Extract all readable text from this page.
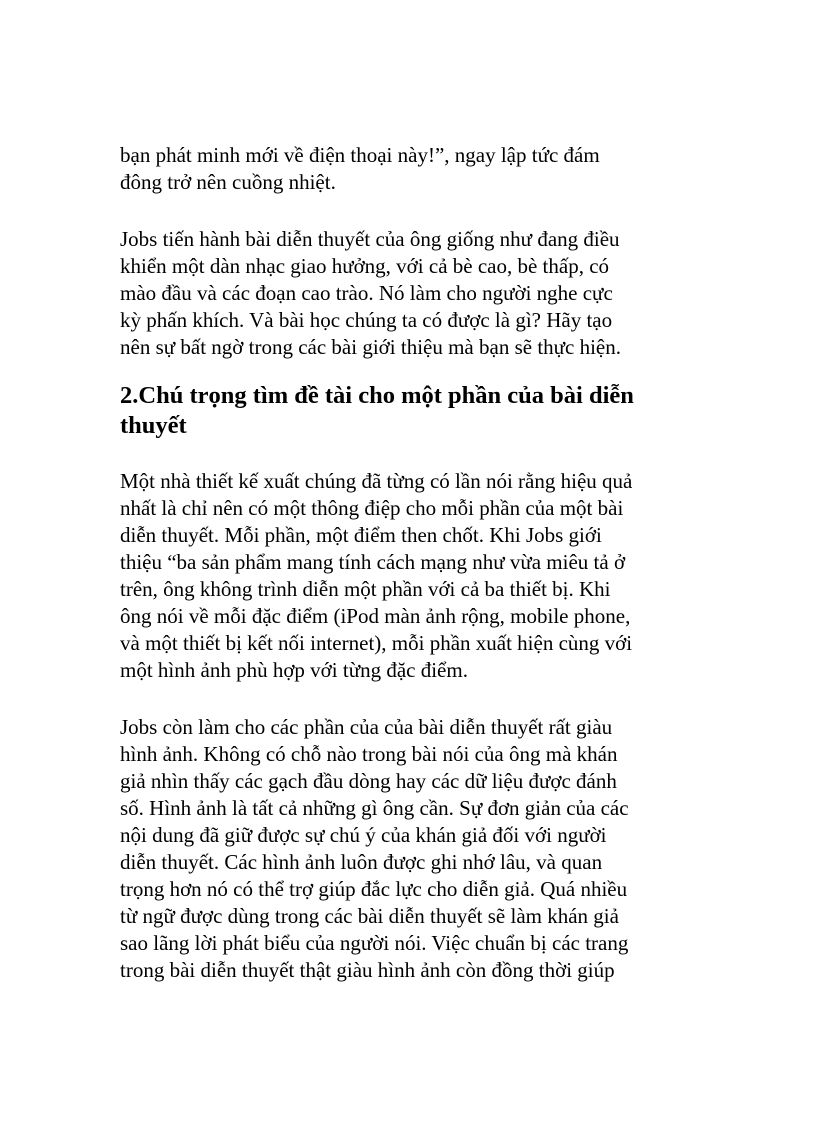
bạn phát minh mới về điện thoại này!”, ngay lập tức đám
đông trở nên cuồng nhiệt.

Jobs tiến hành bài diễn thuyết của ông giống như đang điều
khiển một dàn nhạc giao hưởng, với cả bè cao, bè thấp, có
mào đầu và các đoạn cao trào. Nó làm cho người nghe cực
kỳ phấn khích. Và bài học chúng ta có được là gì? Hãy tạo
nên sự bất ngờ trong các bài giới thiệu mà bạn sẽ thực hiện.

2.Chú trọng tìm đề tài cho một phần của bài diễn
thuyết

Một nhà thiết kế xuất chúng đã từng có lần nói rằng hiệu quả
nhất là chỉ nên có một thông điệp cho mỗi phần của một bài
diễn thuyết. Mỗi phần, một điểm then chốt. Khi Jobs giới
thiệu “ba sản phẩm mang tính cách mạng như vừa miêu tả ở
trên, ông không trình diễn một phần với cả ba thiết bị. Khi
ông nói về mỗi đặc điểm (iPod màn ảnh rộng, mobile phone,
và một thiết bị kết nối internet), mỗi phần xuất hiện cùng với
một hình ảnh phù hợp với từng đặc điểm.

Jobs còn làm cho các phần của của bài diễn thuyết rất giàu
hình ảnh. Không có chỗ nào trong bài nói của ông mà khán
giả nhìn thấy các gạch đầu dòng hay các dữ liệu được đánh
số. Hình ảnh là tất cả những gì ông cần. Sự đơn giản của các
nội dung đã giữ được sự chú ý của khán giả đối với người
diễn thuyết. Các hình ảnh luôn được ghi nhớ lâu, và quan
trọng hơn nó có thể trợ giúp đắc lực cho diễn giả. Quá nhiều
từ ngữ được dùng trong các bài diễn thuyết sẽ làm khán giả
sao lãng lời phát biểu của người nói. Việc chuẩn bị các trang
trong bài diễn thuyết thật giàu hình ảnh còn đồng thời giúp
